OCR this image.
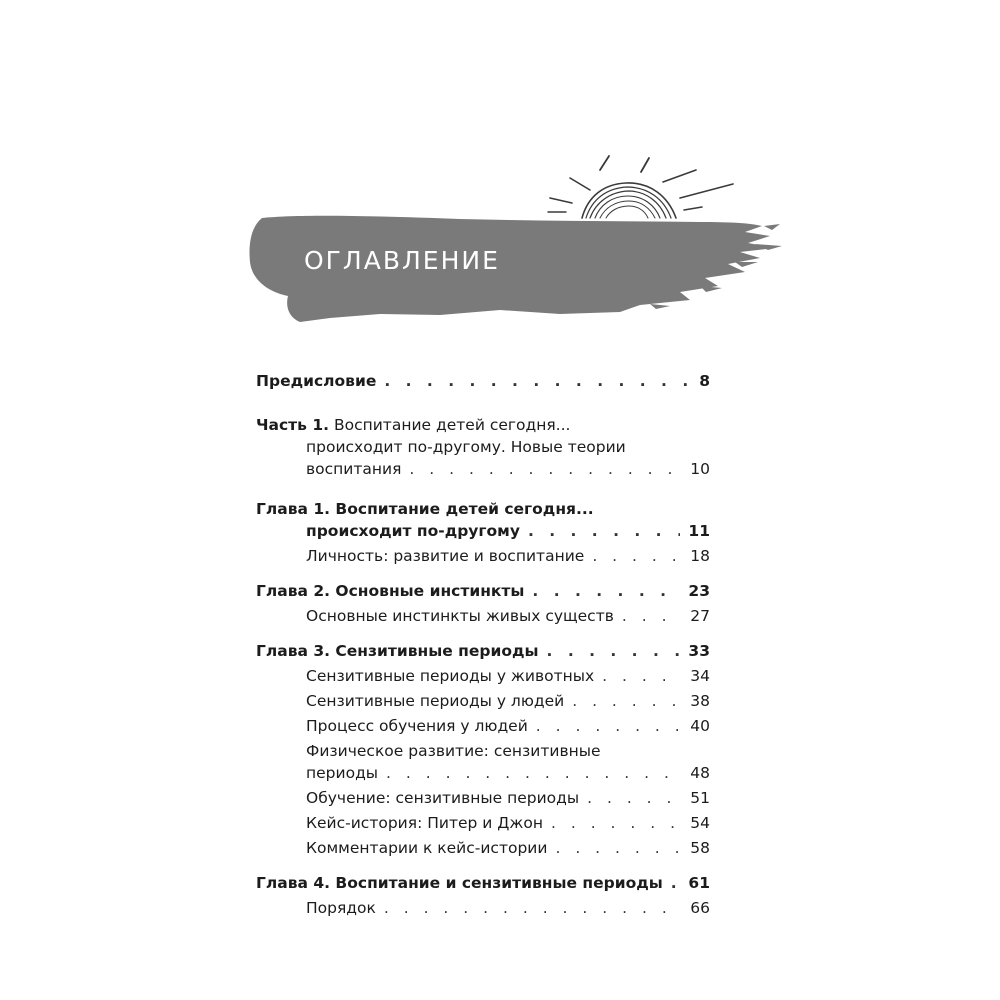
ОГЛАВЛЕНИЕ
Предисловие . . .	8
Часть 1. Воспитание детей сегодня...
происходит по-другому. Новые теории
воспитания . . .	10
Глава 1. Воспитание детей сегодня...
происходит по-другому . . .	11
Личность: развитие и воспитание . . .	18
Глава 2. Основные инстинкты . . .	23
Основные инстинкты живых существ . . .	27
Глава 3. Сензитивные периоды . . .	33
Сензитивные периоды у животных . . .	34
Сензитивные периоды у людей . . .	38
Процесс обучения у людей . . .	40
Физическое развитие: сензитивные
периоды . . .	48
Обучение: сензитивные периоды . . .	51
Кейс-история: Питер и Джон . . .	54
Комментарии к кейс-истории . . .	58
Глава 4. Воспитание и сензитивные периоды . . . 61
Порядок . . .	66
